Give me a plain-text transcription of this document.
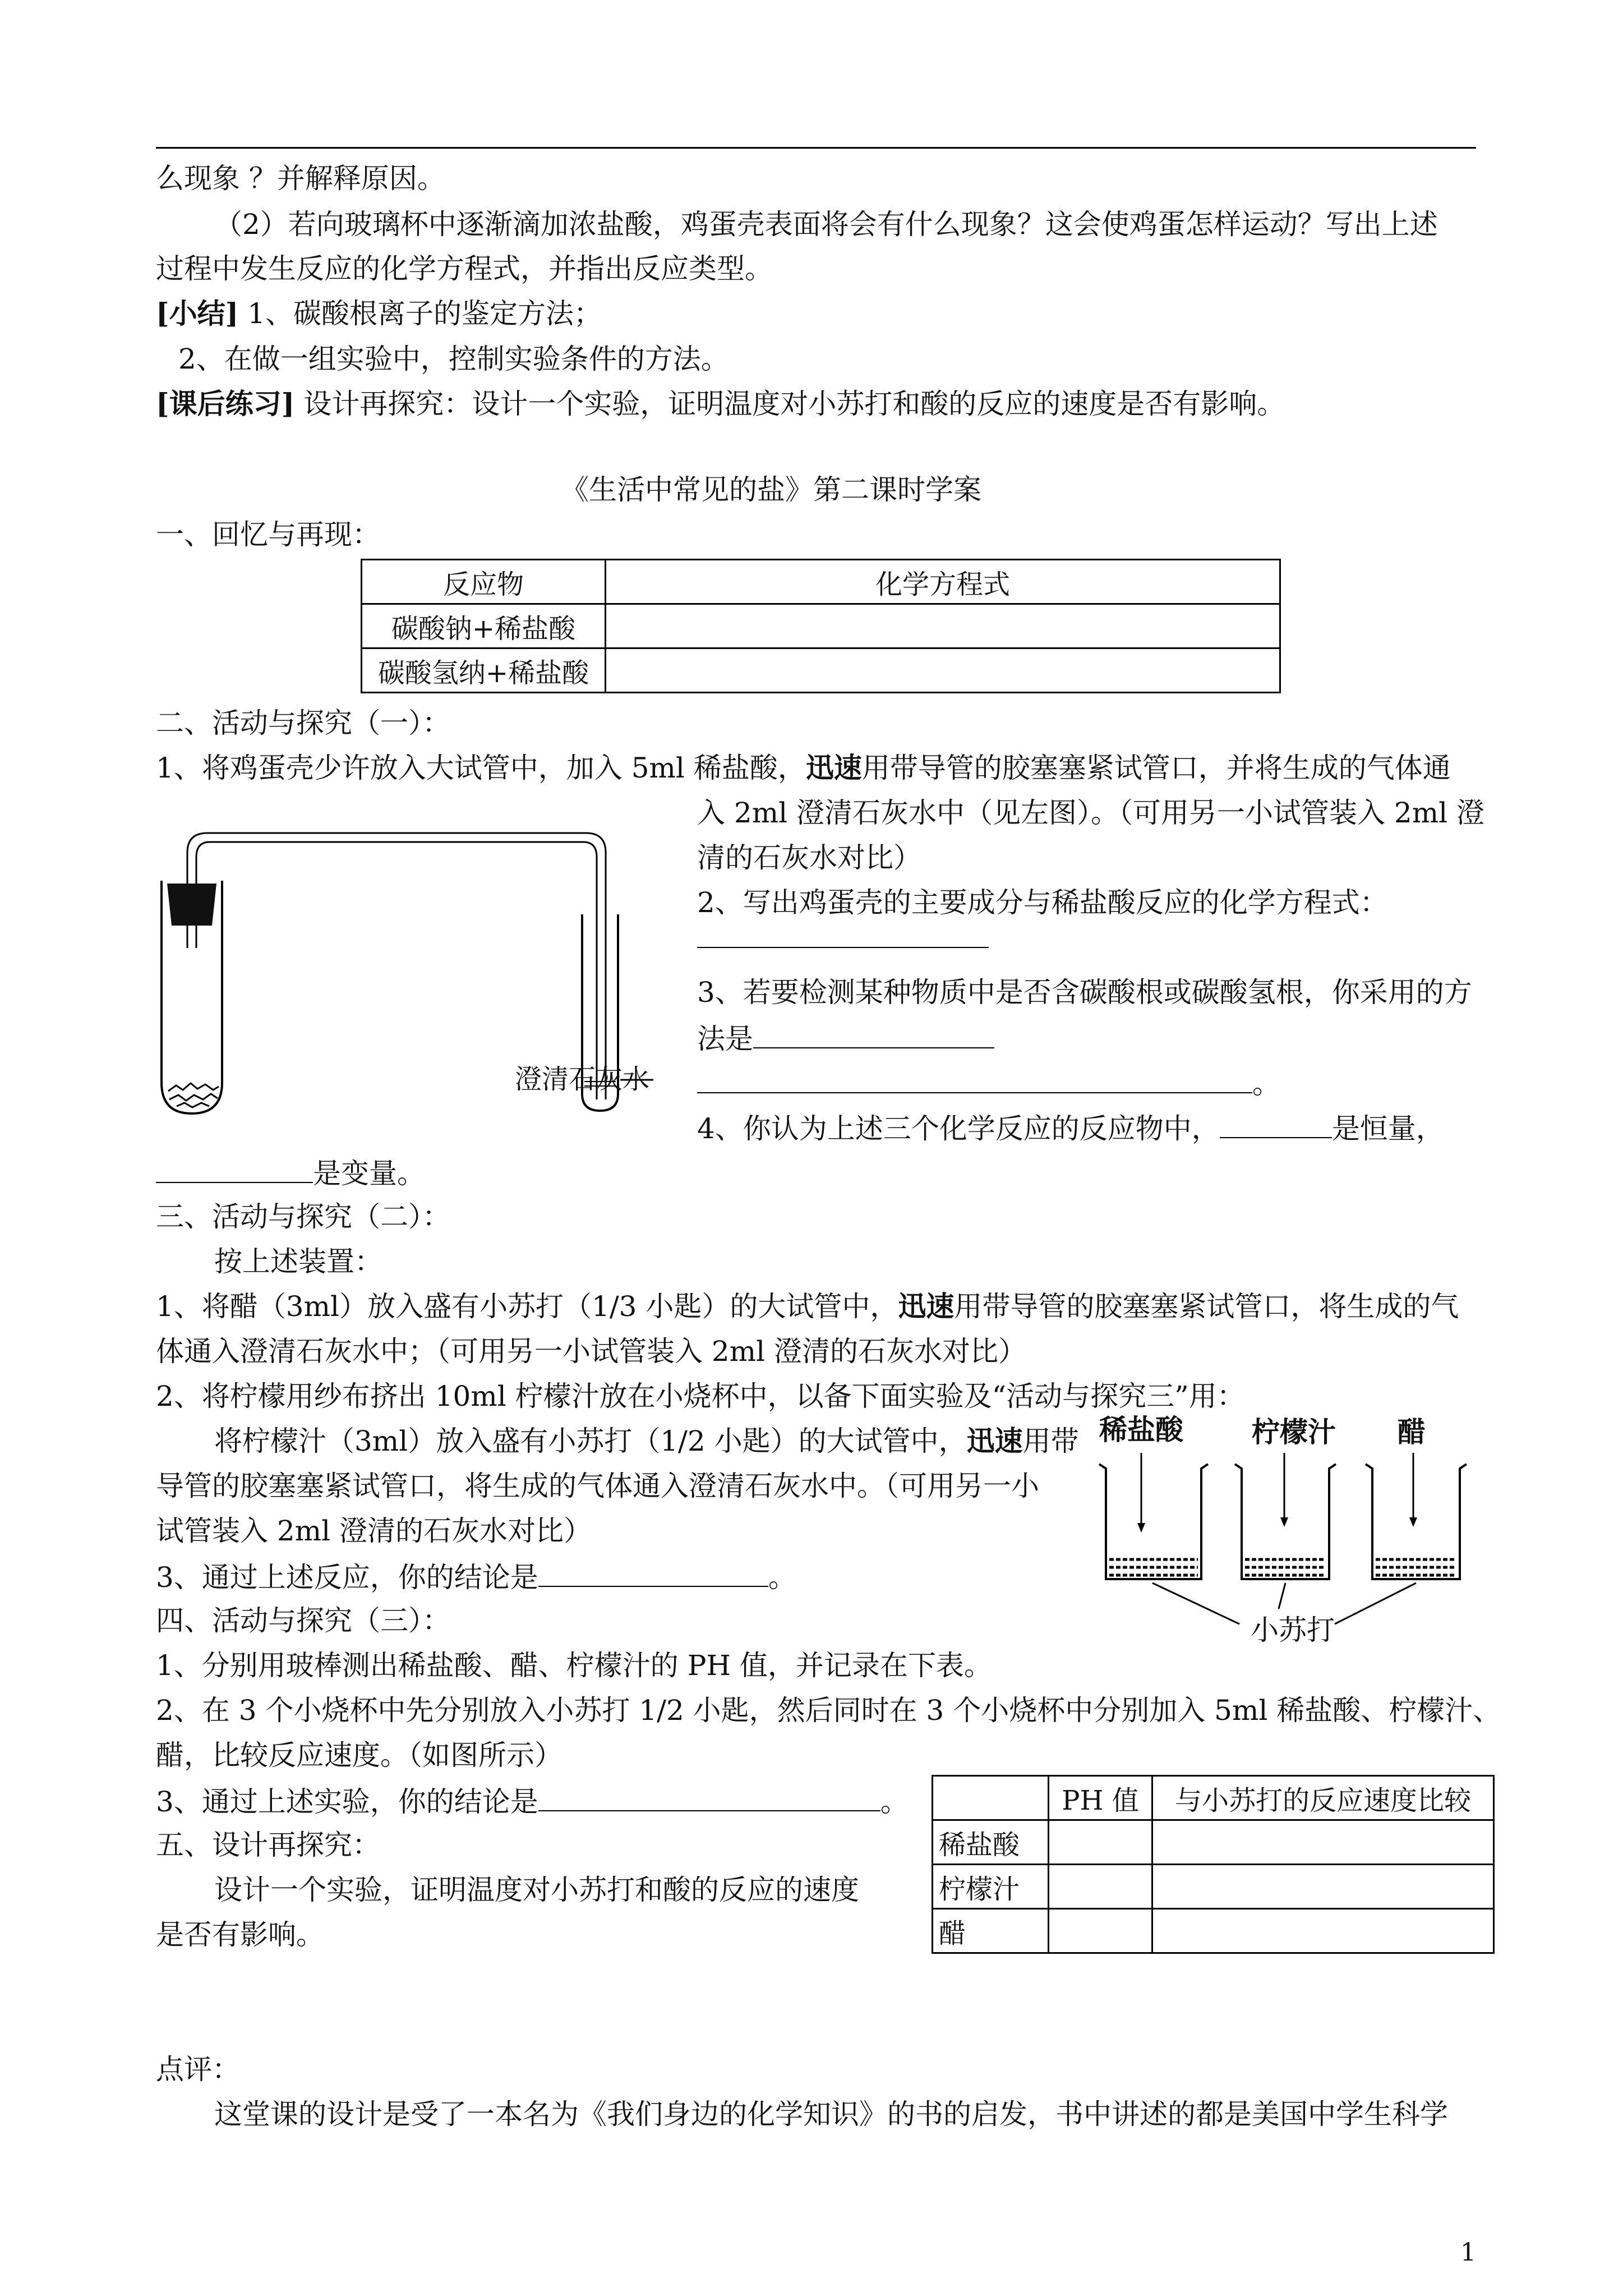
么现象 ？并解释原因。
（2）若向玻璃杯中逐渐滴加浓盐酸，鸡蛋壳表面将会有什么现象？这会使鸡蛋怎样运动？写出上述
过程中发生反应的化学方程式，并指出反应类型。
[小结] 1、碳酸根离子的鉴定方法；
2、在做一组实验中，控制实验条件的方法。
[课后练习] 设计再探究：设计一个实验，证明温度对小苏打和酸的反应的速度是否有影响。
《生活中常见的盐》第二课时学案
一、回忆与再现：
反应物	化学方程式
碳酸钠+稀盐酸	
碳酸氢纳+稀盐酸	
二、活动与探究（一）：
1、将鸡蛋壳少许放入大试管中，加入 5ml 稀盐酸，迅速用带导管的胶塞塞紧试管口，并将生成的气体通
入 2ml 澄清石灰水中（见左图）。（可用另一小试管装入 2ml 澄
清的石灰水对比）
2、写出鸡蛋壳的主要成分与稀盐酸反应的化学方程式：
3、若要检测某种物质中是否含碳酸根或碳酸氢根，你采用的方
法是
。
4、你认为上述三个化学反应的反应物中，	是恒量，
是变量。
澄清石灰水
三、活动与探究（二）：
按上述装置：
1、将醋（3ml）放入盛有小苏打（1/3 小匙）的大试管中，迅速用带导管的胶塞塞紧试管口，将生成的气
体通入澄清石灰水中；（可用另一小试管装入 2ml 澄清的石灰水对比）
2、将柠檬用纱布挤出 10ml 柠檬汁放在小烧杯中，以备下面实验及“活动与探究三”用：
将柠檬汁（3ml）放入盛有小苏打（1/2 小匙）的大试管中，迅速用带
导管的胶塞塞紧试管口，将生成的气体通入澄清石灰水中。（可用另一小
试管装入 2ml 澄清的石灰水对比）
3、通过上述反应，你的结论是	。
稀盐酸 柠檬汁 醋
小苏打
四、活动与探究（三）：
1、分别用玻棒测出稀盐酸、醋、柠檬汁的 PH 值，并记录在下表。
2、在 3 个小烧杯中先分别放入小苏打 1/2 小匙，然后同时在 3 个小烧杯中分别加入 5ml 稀盐酸、柠檬汁、
醋，比较反应速度。（如图所示）
3、通过上述实验，你的结论是	。
		PH 值	与小苏打的反应速度比较
稀盐酸		
柠檬汁		
醋		
五、设计再探究：
设计一个实验，证明温度对小苏打和酸的反应的速度
是否有影响。
点评：
这堂课的设计是受了一本名为《我们身边的化学知识》的书的启发，书中讲述的都是美国中学生科学
1
